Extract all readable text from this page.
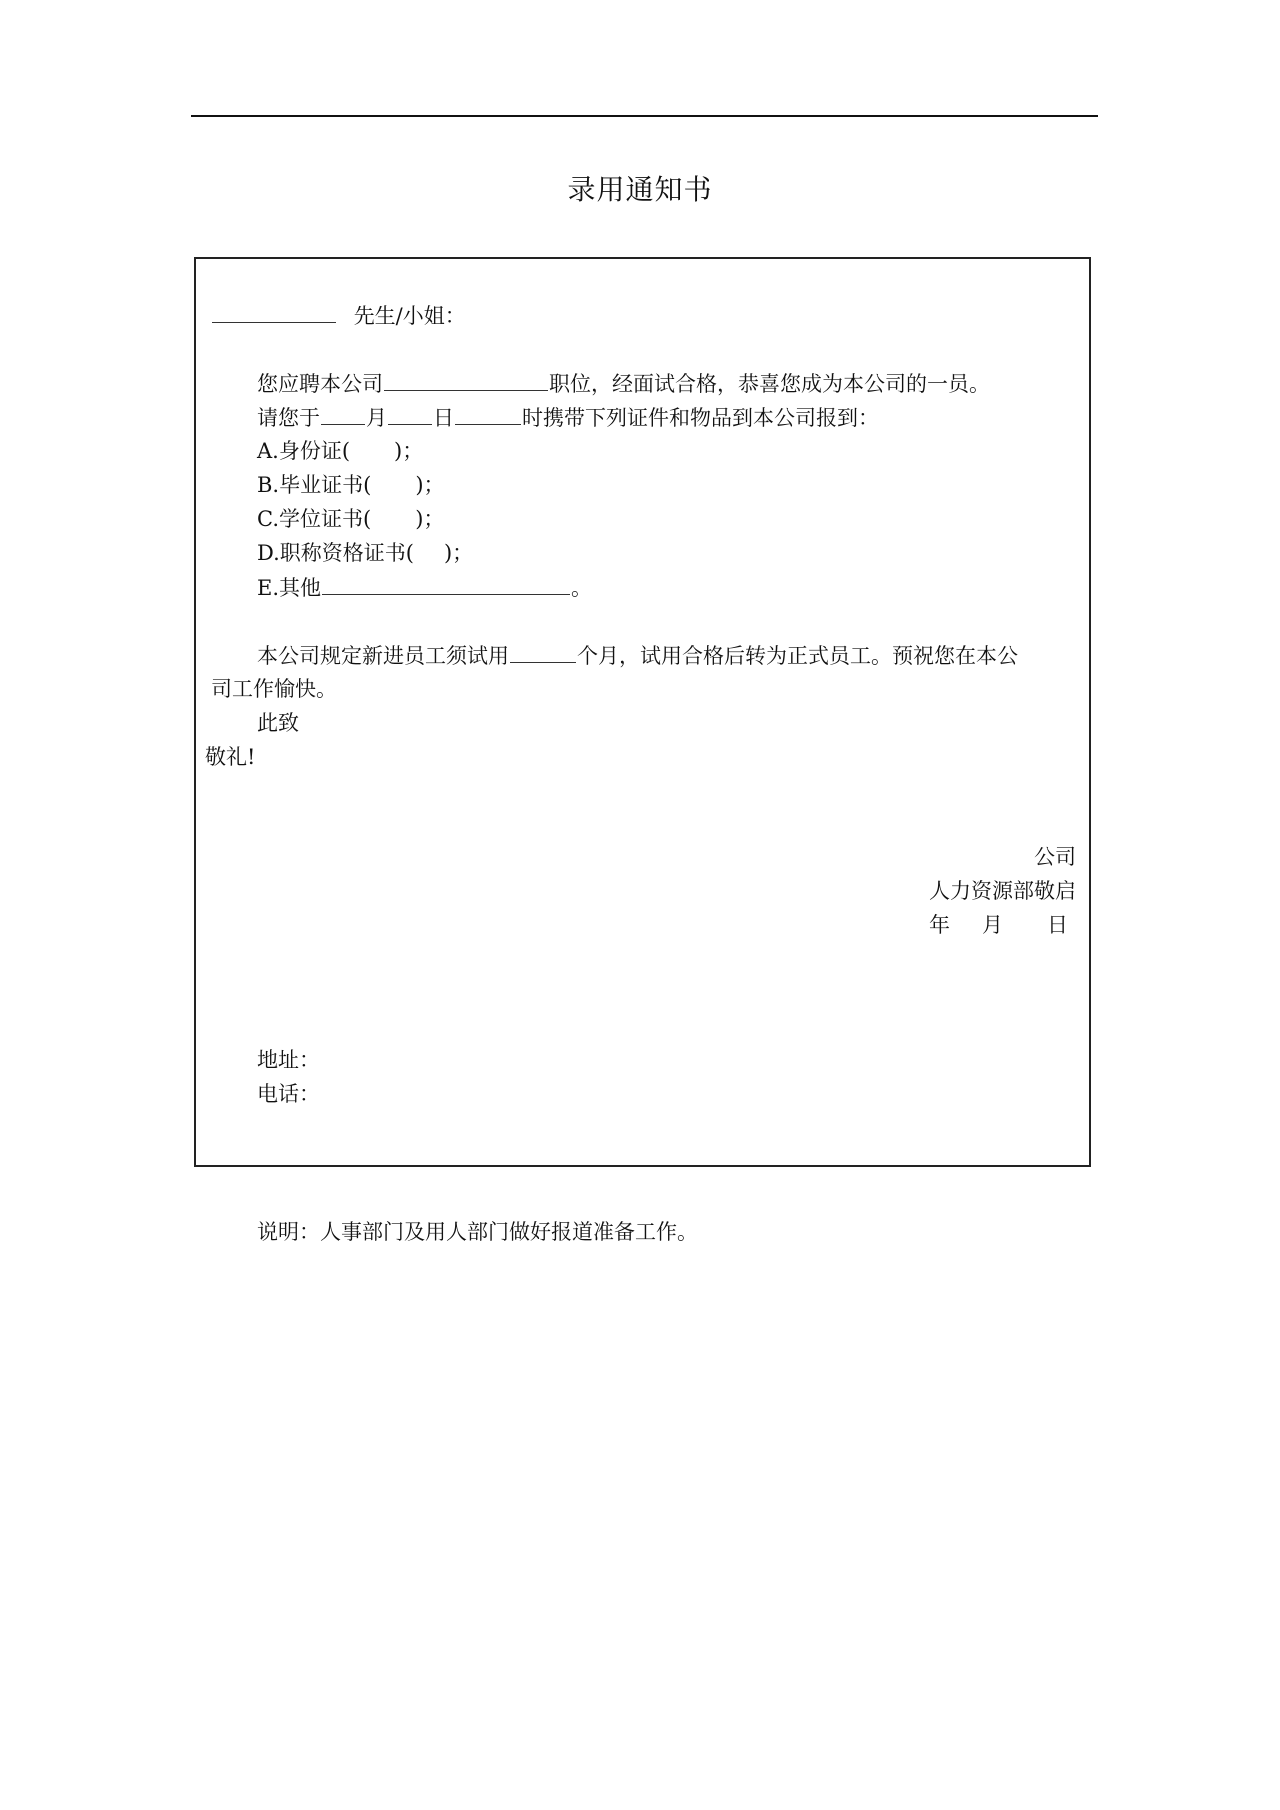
录用通知书
先生/小姐：
您应聘本公司	职位，经面试合格，恭喜您成为本公司的一员。
请您于 月 日	时携带下列证件和物品到本公司报到：
A.身份证( )；
B.毕业证书( )；
C.学位证书( )；
D.职称资格证书( )；
E.其他	。
本公司规定新进员工须试用	个月，试用合格后转为正式员工。预祝您在本公
司工作愉快。
此致
敬礼!
公司
人力资源部敬启
年 月 日
地址：
电话：
说明：人事部门及用人部门做好报道准备工作。
